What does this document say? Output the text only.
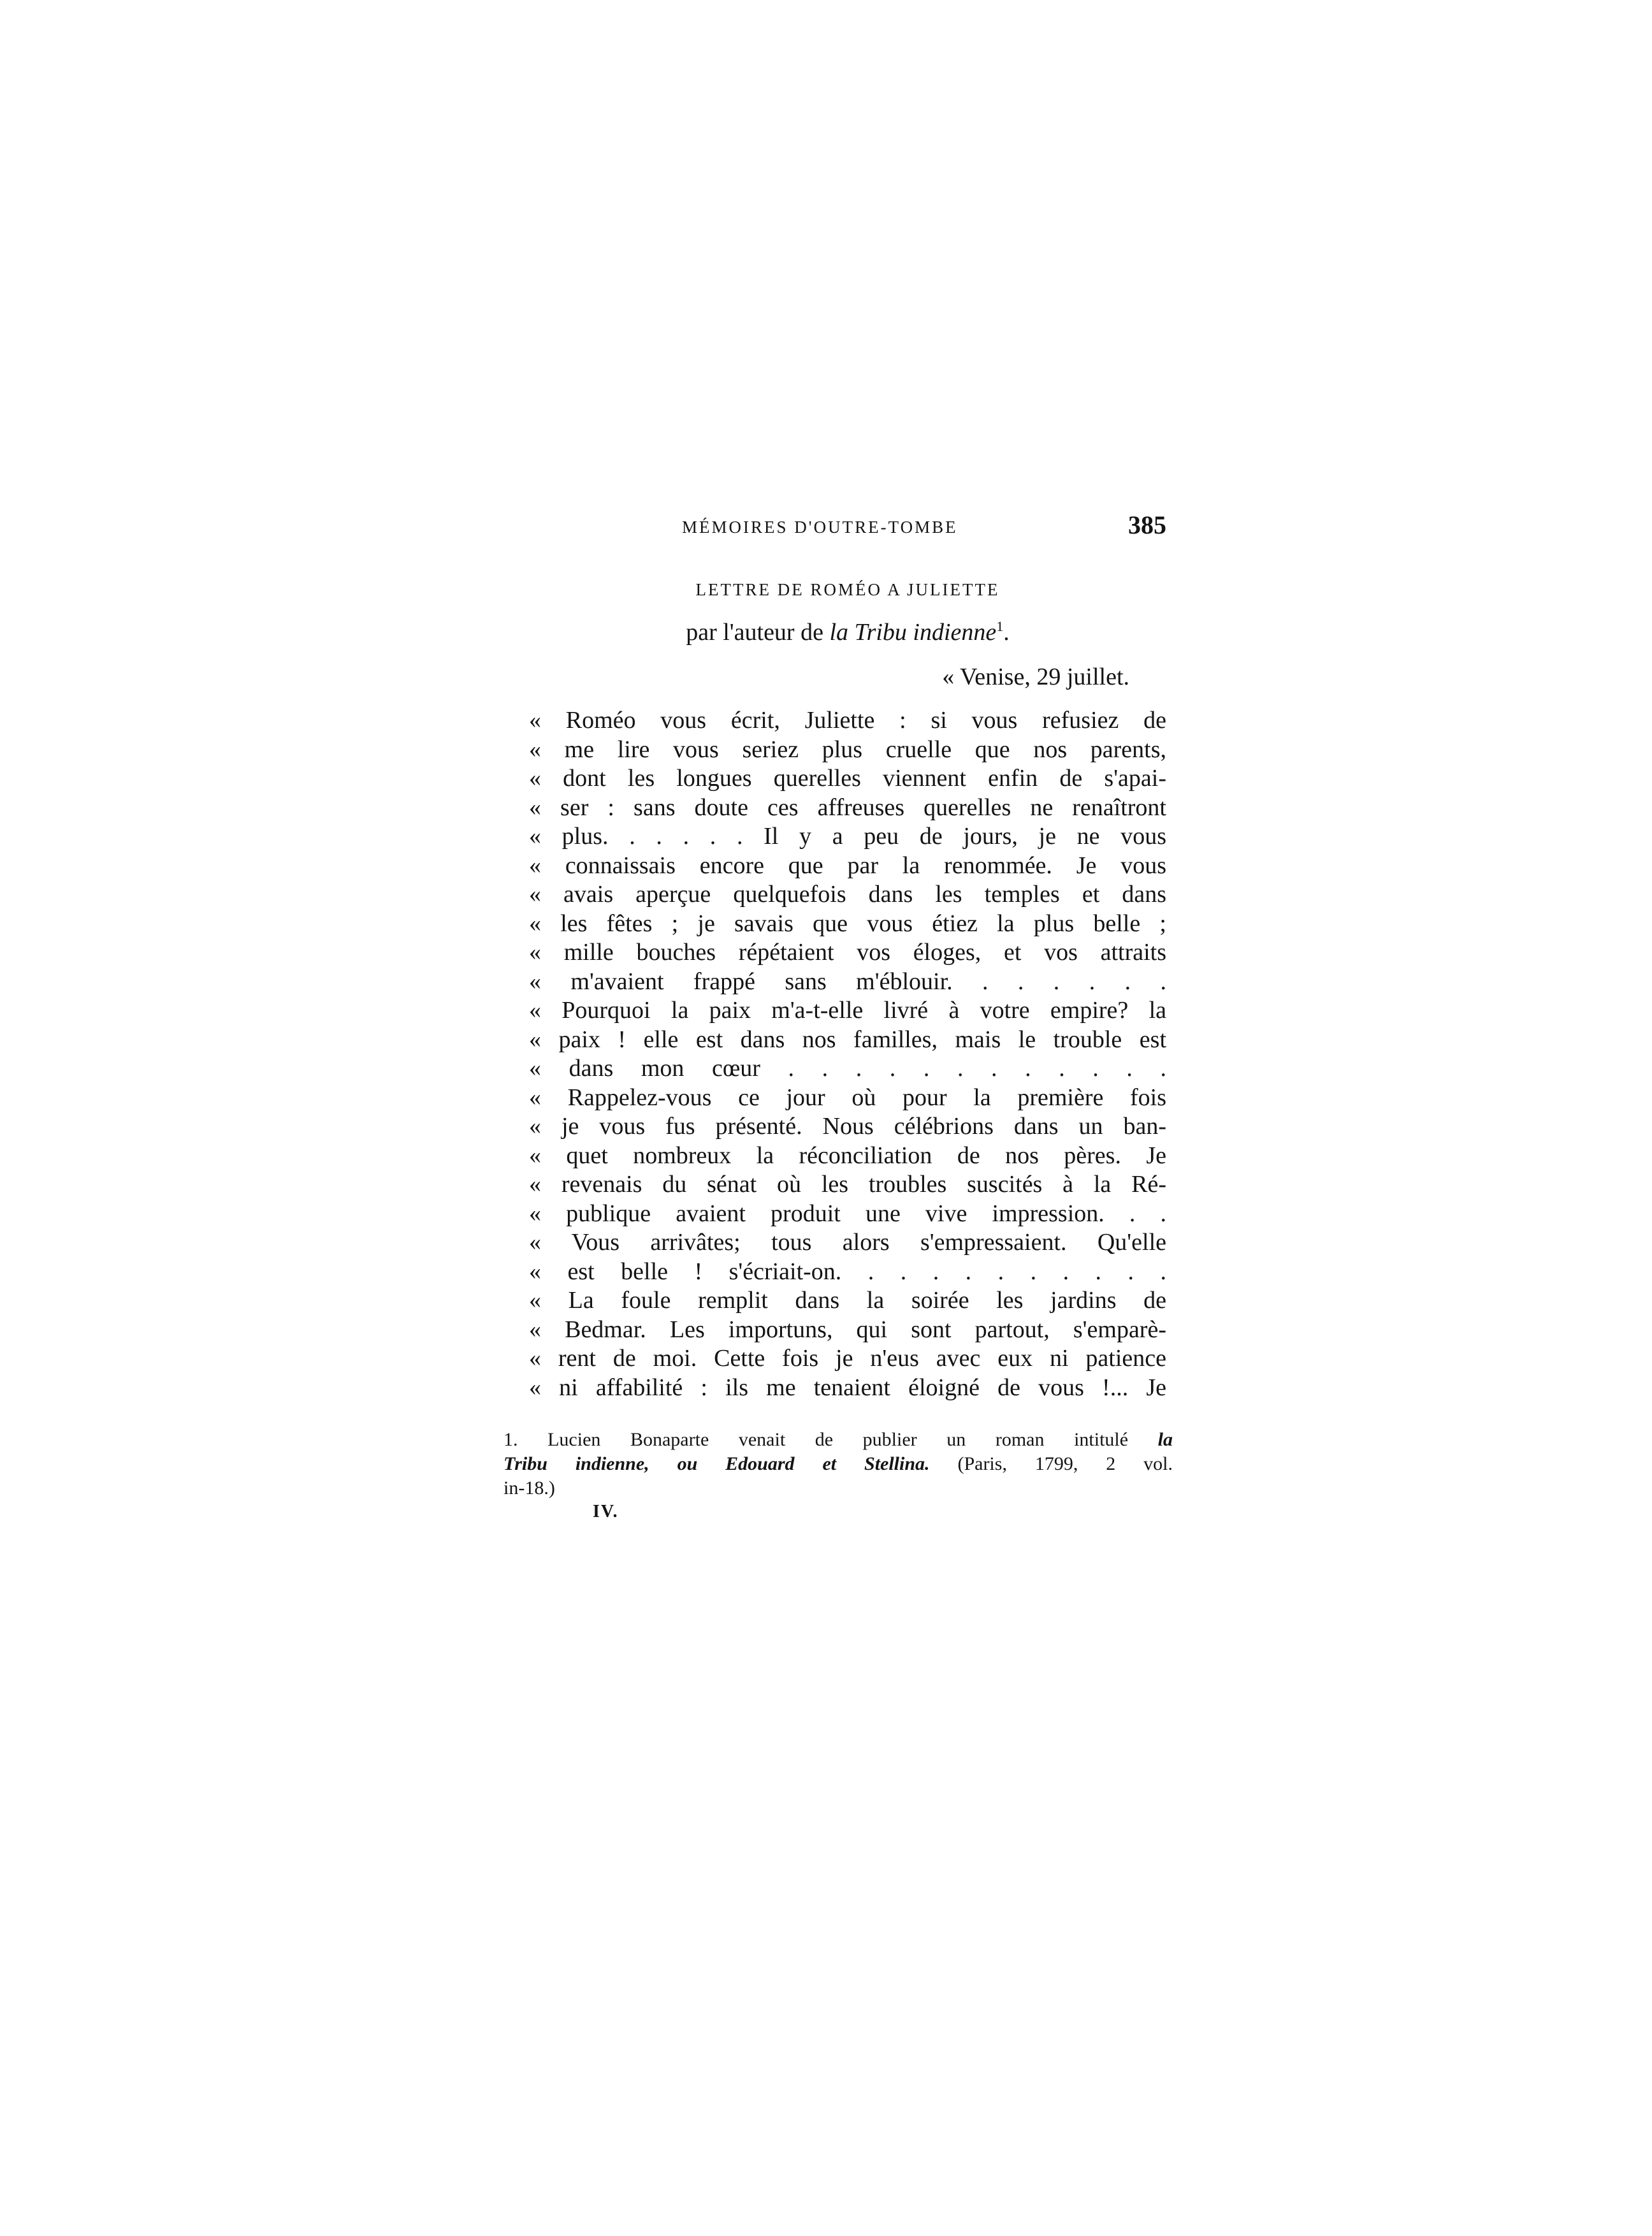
MÉMOIRES D'OUTRE-TOMBE	385
LETTRE DE ROMÉO A JULIETTE
par l'auteur de la Tribu indienne$^1$.
« Venise, 29 juillet.
« Roméo vous écrit, Juliette : si vous refusiez de
« me lire vous seriez plus cruelle que nos parents,
« dont les longues querelles viennent enfin de s'apai-
« ser : sans doute ces affreuses querelles ne renaîtront
« plus. . . . . . Il y a peu de jours, je ne vous
« connaissais encore que par la renommée. Je vous
« avais aperçue quelquefois dans les temples et dans
« les fêtes ; je savais que vous étiez la plus belle ;
« mille bouches répétaient vos éloges, et vos attraits
« m'avaient frappé sans m'éblouir. . . . . . .
« Pourquoi la paix m'a-t-elle livré à votre empire? la
« paix ! elle est dans nos familles, mais le trouble est
« dans mon cœur . . . . . . . . . . . .
« Rappelez-vous ce jour où pour la première fois
« je vous fus présenté. Nous célébrions dans un ban-
« quet nombreux la réconciliation de nos pères. Je
« revenais du sénat où les troubles suscités à la Ré-
« publique avaient produit une vive impression. . .
« Vous arrivâtes; tous alors s'empressaient. Qu'elle
« est belle ! s'écriait-on. . . . . . . . . . .
« La foule remplit dans la soirée les jardins de
« Bedmar. Les importuns, qui sont partout, s'emparè-
« rent de moi. Cette fois je n'eus avec eux ni patience
« ni affabilité : ils me tenaient éloigné de vous !... Je
1. Lucien Bonaparte venait de publier un roman intitulé la
Tribu indienne, ou Edouard et Stellina. (Paris, 1799, 2 vol.
in-18.)
IV.
